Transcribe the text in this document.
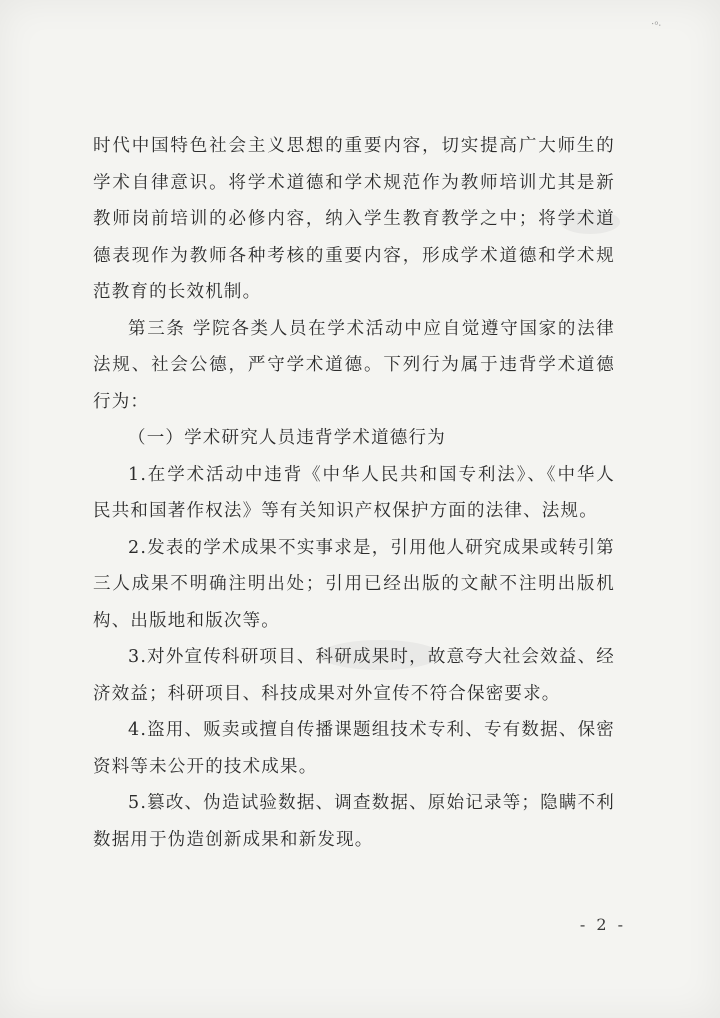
·ᵒ·

时代中国特色社会主义思想的重要内容，切实提高广大师生的学术自律意识。将学术道德和学术规范作为教师培训尤其是新教师岗前培训的必修内容，纳入学生教育教学之中；将学术道德表现作为教师各种考核的重要内容，形成学术道德和学术规范教育的长效机制。

第三条 学院各类人员在学术活动中应自觉遵守国家的法律法规、社会公德，严守学术道德。下列行为属于违背学术道德行为：

（一）学术研究人员违背学术道德行为

1.在学术活动中违背《中华人民共和国专利法》、《中华人民共和国著作权法》等有关知识产权保护方面的法律、法规。

2.发表的学术成果不实事求是，引用他人研究成果或转引第三人成果不明确注明出处；引用已经出版的文献不注明出版机构、出版地和版次等。

3.对外宣传科研项目、科研成果时，故意夸大社会效益、经济效益；科研项目、科技成果对外宣传不符合保密要求。

4.盗用、贩卖或擅自传播课题组技术专利、专有数据、保密资料等未公开的技术成果。

5.篡改、伪造试验数据、调查数据、原始记录等；隐瞒不利数据用于伪造创新成果和新发现。

- 2 -
